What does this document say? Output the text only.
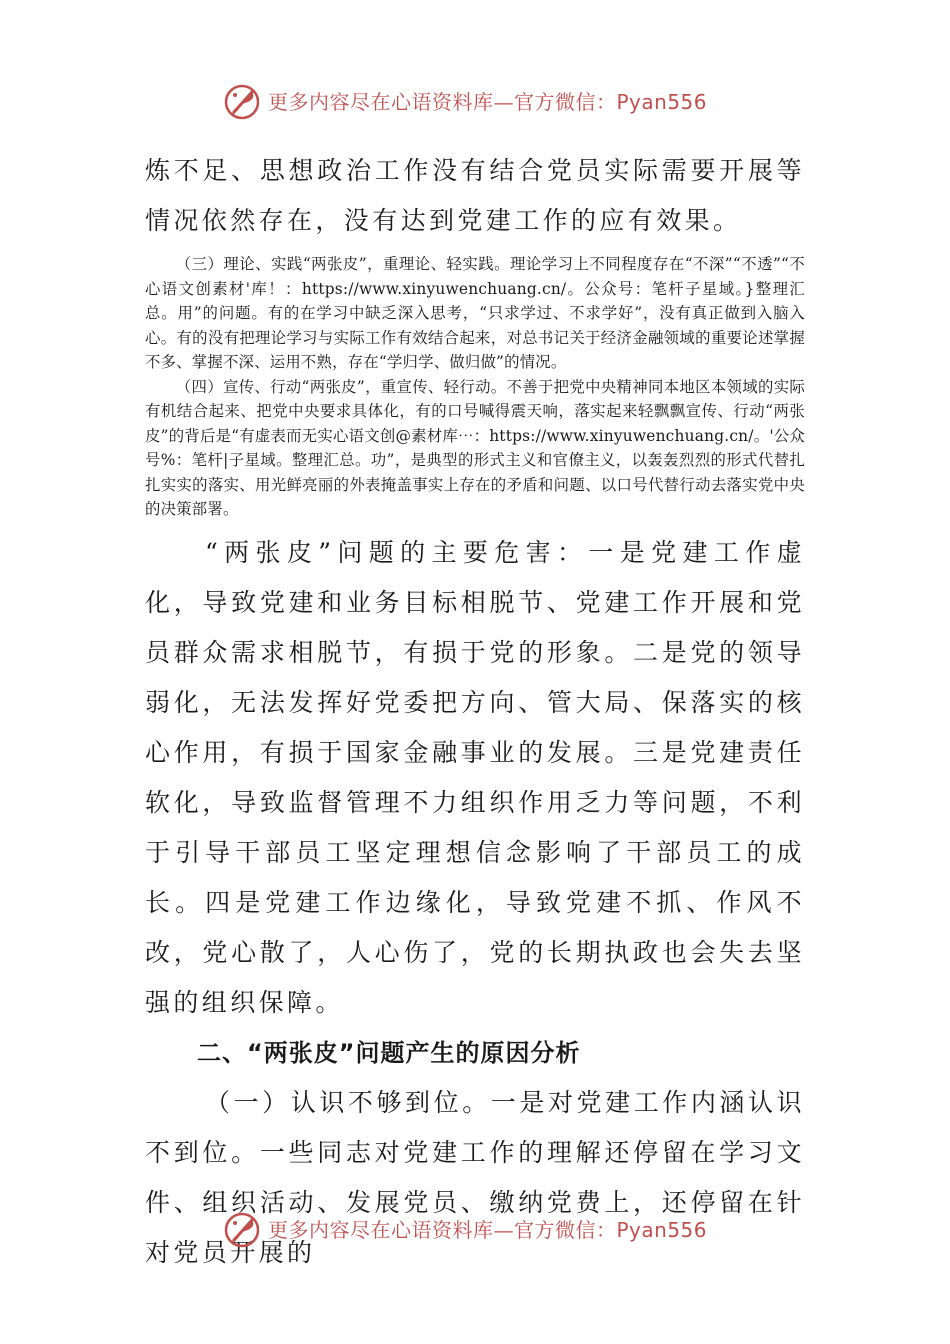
更多内容尽在心语资料库—官方微信：Pyan556

炼不足、思想政治工作没有结合党员实际需要开展等情况依然存在，没有达到党建工作的应有效果。

（三）理论、实践“两张皮”，重理论、轻实践。理论学习上不同程度存在“不深”“不透”“不心语文创素材'库！：https://www.xinyuwenchuang.cn/。公众号：笔杆子星域。}整理汇总。用”的问题。有的在学习中缺乏深入思考，“只求学过、不求学好”，没有真正做到入脑入心。有的没有把理论学习与实际工作有效结合起来，对总书记关于经济金融领域的重要论述掌握不多、掌握不深、运用不熟，存在“学归学、做归做”的情况。

（四）宣传、行动“两张皮”，重宣传、轻行动。不善于把党中央精神同本地区本领域的实际有机结合起来、把党中央要求具体化，有的口号喊得震天响，落实起来轻飘飘宣传、行动“两张皮”的背后是“有虚表而无实心语文创@素材库⋯：https://www.xinyuwenchuang.cn/。'公众号%：笔杆|子星域。整理汇总。功”，是典型的形式主义和官僚主义，以轰轰烈烈的形式代替扎扎实实的落实、用光鲜亮丽的外表掩盖事实上存在的矛盾和问题、以口号代替行动去落实党中央的决策部署。

“两张皮”问题的主要危害：一是党建工作虚化，导致党建和业务目标相脱节、党建工作开展和党员群众需求相脱节，有损于党的形象。二是党的领导弱化，无法发挥好党委把方向、管大局、保落实的核心作用，有损于国家金融事业的发展。三是党建责任软化，导致监督管理不力组织作用乏力等问题，不利于引导干部员工坚定理想信念影响了干部员工的成长。四是党建工作边缘化，导致党建不抓、作风不改，党心散了，人心伤了，党的长期执政也会失去坚强的组织保障。

二、“两张皮”问题产生的原因分析

（一）认识不够到位。一是对党建工作内涵认识不到位。一些同志对党建工作的理解还停留在学习文件、组织活动、发展党员、缴纳党费上，还停留在针对党员开展的

更多内容尽在心语资料库—官方微信：Pyan556
